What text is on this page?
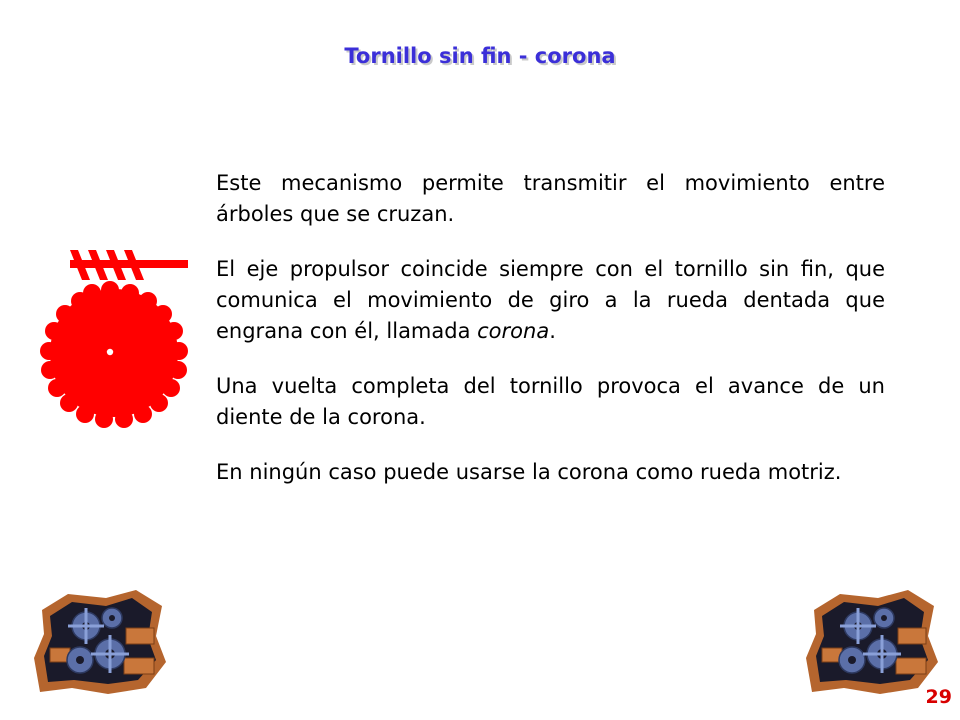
Tornillo sin fin - corona

Este mecanismo permite transmitir el movimiento entre árboles que se cruzan.

El eje propulsor coincide siempre con el tornillo sin fin, que comunica el movimiento de giro a la rueda dentada que engrana con él, llamada corona.

Una vuelta completa del tornillo provoca el avance de un diente de la corona.

En ningún caso puede usarse la corona como rueda motriz.

29
